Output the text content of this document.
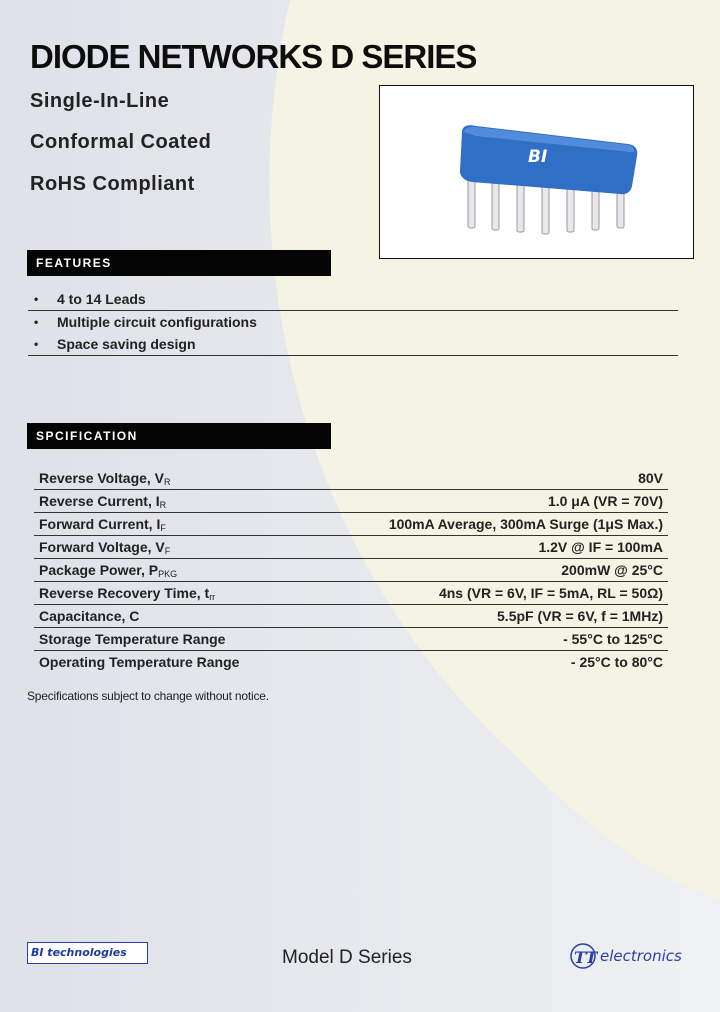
DIODE NETWORKS D SERIES
Single-In-Line
Conformal Coated
RoHS Compliant
BI
FEATURES
• 4 to 14 Leads
• Multiple circuit configurations
• Space saving design
SPCIFICATION
Reverse Voltage, $V_R$	80V
Reverse Current, $I_R$	1.0 μA (VR = 70V)
Forward Current, $I_F$	100mA Average, 300mA Surge (1μS Max.)
Forward Voltage, $V_F$	1.2V @ IF = 100mA
Package Power, $P_{PKG}$	200mW @ 25°C
Reverse Recovery Time, $t_{rr}$	4ns (VR = 6V, IF = 5mA, RL = 50Ω)
Capacitance, C	5.5pF (VR = 6V, f = 1MHz)
Storage Temperature Range	- 55°C to 125°C
Operating Temperature Range	- 25°C to 80°C
Specifications subject to change without notice.
BI technologies	Model D Series	TT electronics
